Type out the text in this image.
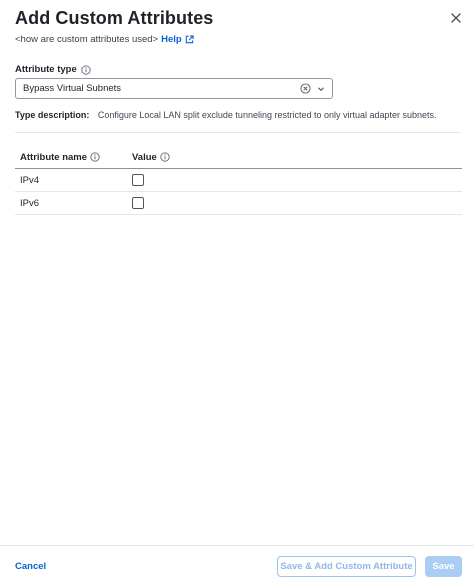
Add Custom Attributes
<how are custom attributes used> Help
Attribute type
Bypass Virtual Subnets
Type description: Configure Local LAN split exclude tunneling restricted to only virtual adapter subnets.
Attribute name	Value
IPv4
IPv6
Cancel	Save & Add Custom Attribute	Save
